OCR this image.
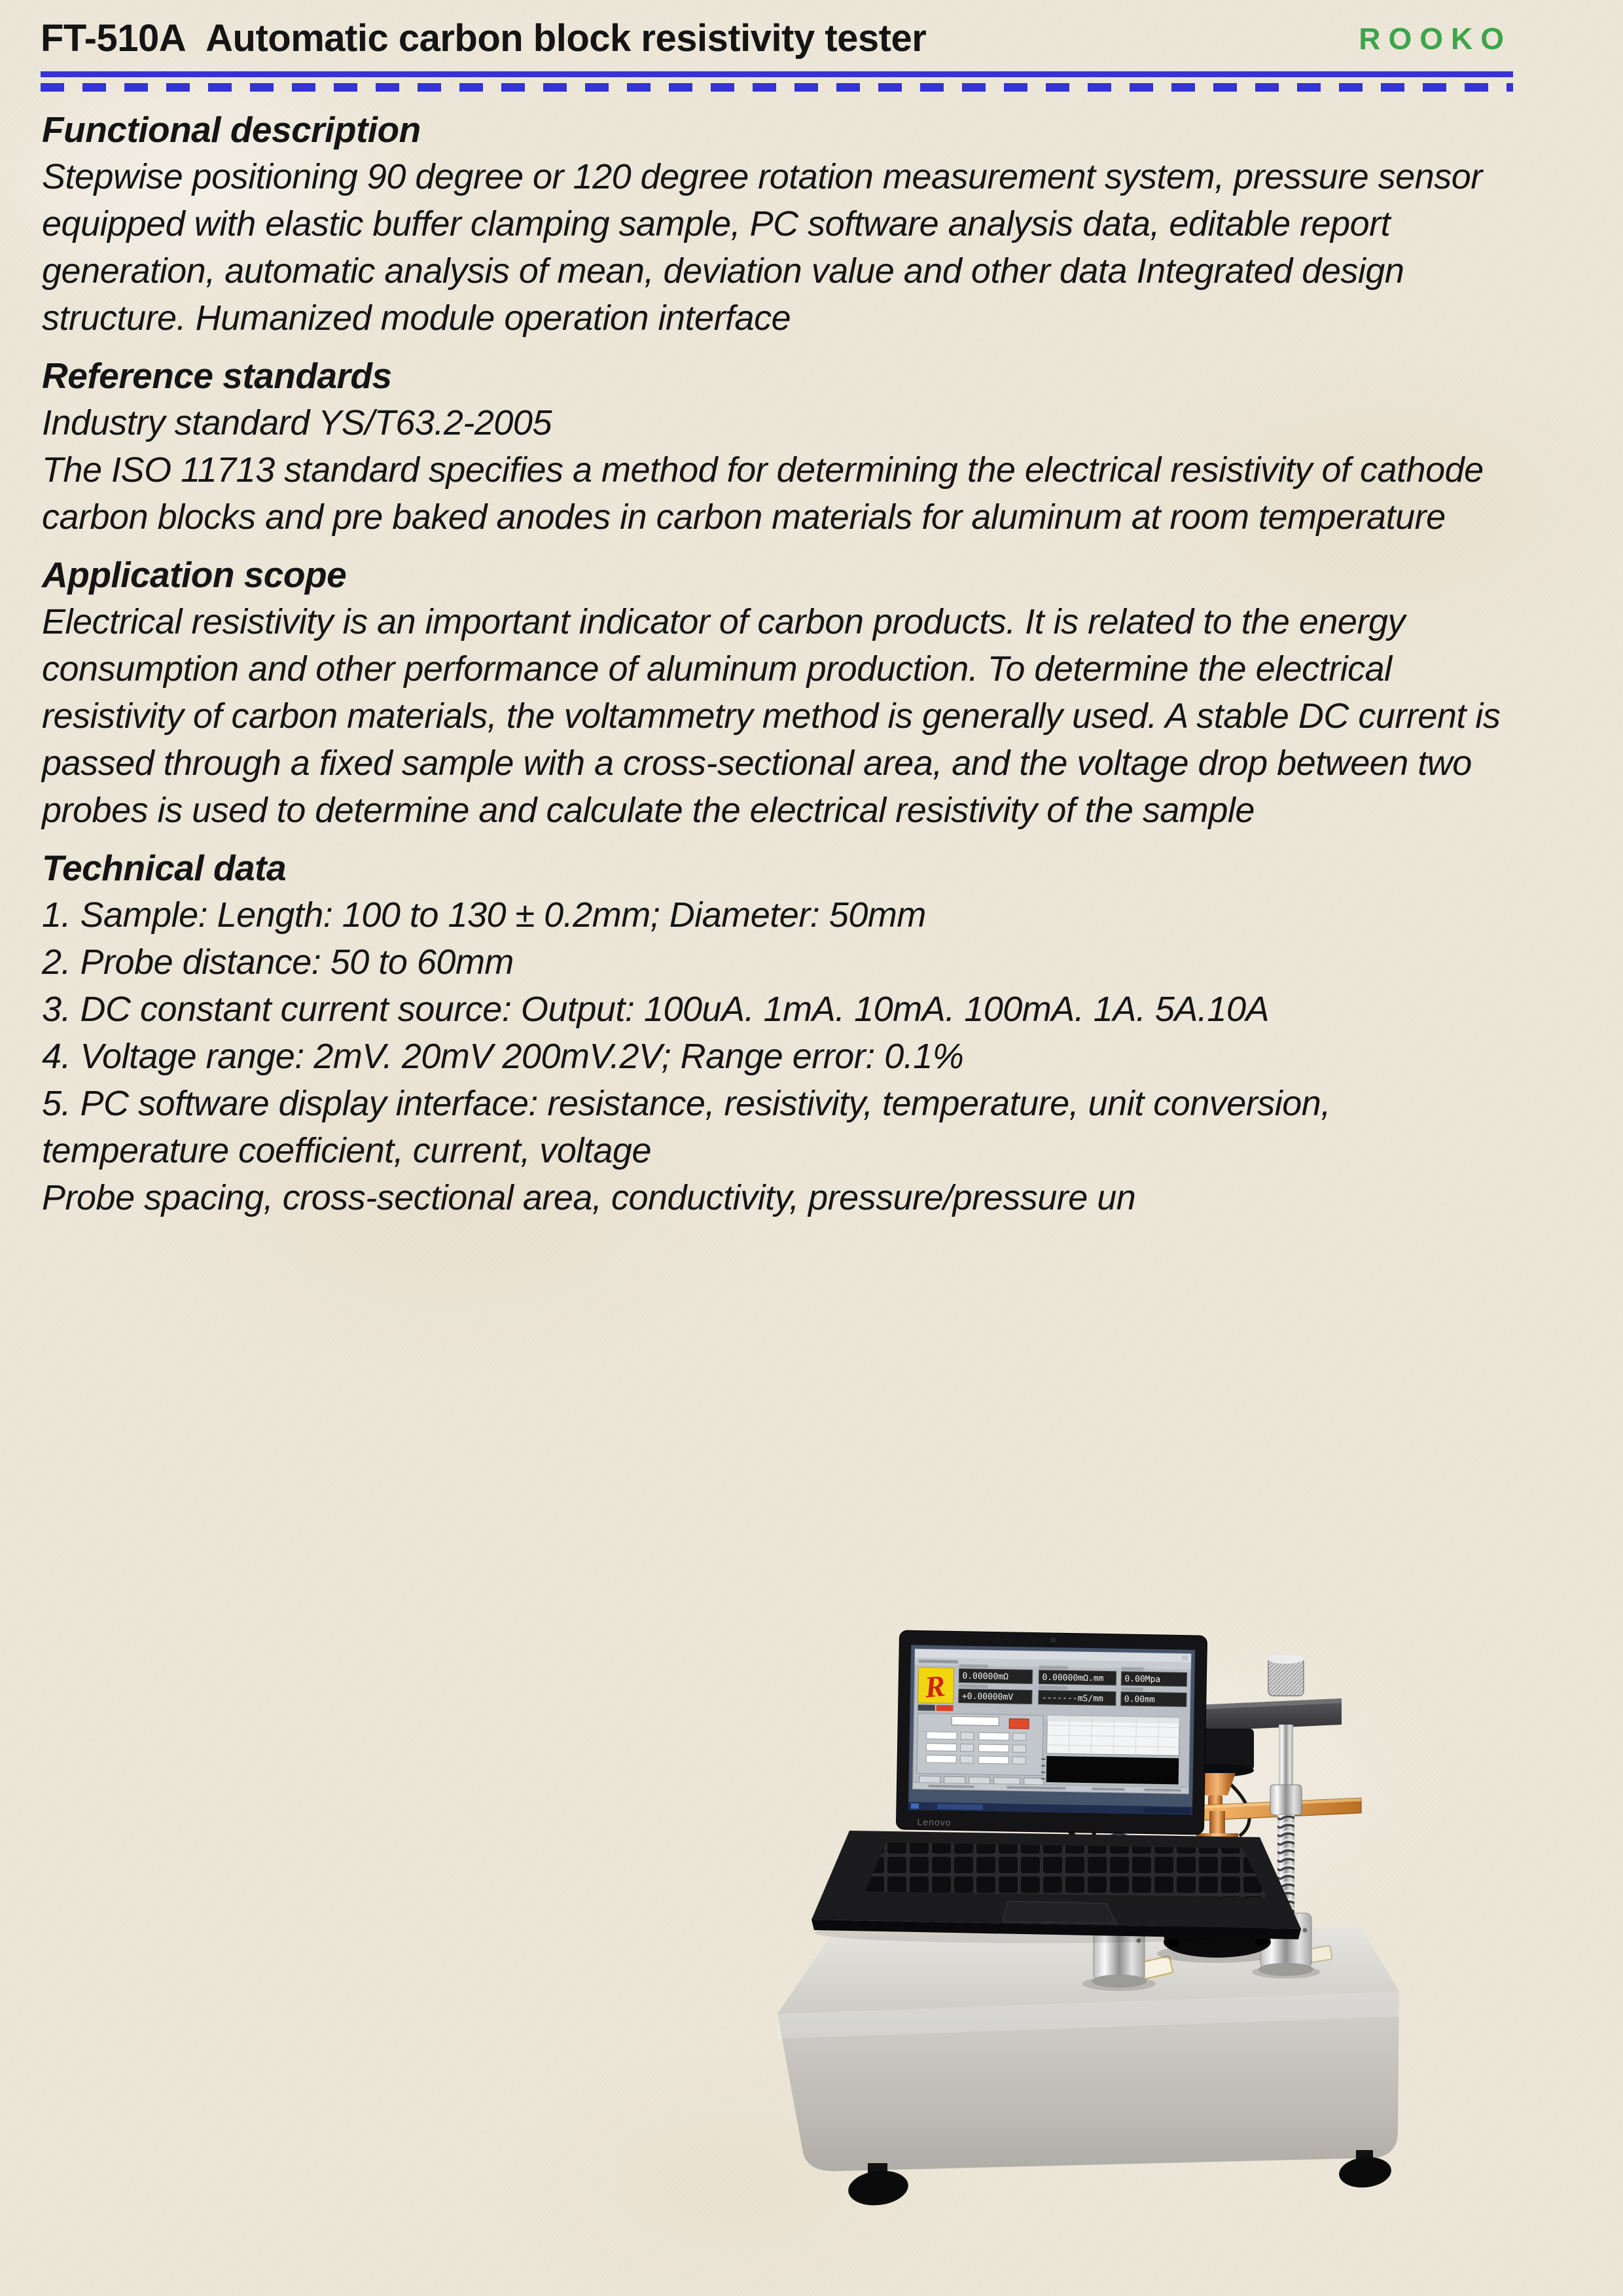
FT-510A Automatic carbon block resistivity tester	ROOKO
Functional description

Stepwise positioning 90 degree or 120 degree rotation measurement system, pressure sensor equipped with elastic buffer clamping sample, PC software analysis data, editable report generation, automatic analysis of mean, deviation value and other data Integrated design structure. Humanized module operation interface

Reference standards

Industry standard YS/T63.2-2005

The ISO 11713 standard specifies a method for determining the electrical resistivity of cathode carbon blocks and pre baked anodes in carbon materials for aluminum at room temperature

Application scope

Electrical resistivity is an important indicator of carbon products. It is related to the energy consumption and other performance of aluminum production. To determine the electrical resistivity of carbon materials, the voltammetry method is generally used. A stable DC current is passed through a fixed sample with a cross-sectional area, and the voltage drop between two probes is used to determine and calculate the electrical resistivity of the sample

Technical data

1. Sample: Length: 100 to 130 ± 0.2mm; Diameter: 50mm

2. Probe distance: 50 to 60mm

3. DC constant current source: Output: 100uA. 1mA. 10mA. 100mA. 1A. 5A.10A

4. Voltage range: 2mV. 20mV 200mV.2V; Range error: 0.1%

5. PC software display interface: resistance, resistivity, temperature, unit conversion, temperature coefficient, current, voltage

Probe spacing, cross-sectional area, conductivity, pressure/pressure un

Lenovo
R 0.00000mΩ	0.00000mΩ.mm 0.00Mpa
+0.00000mV	-------mS/mm 0.00mm
